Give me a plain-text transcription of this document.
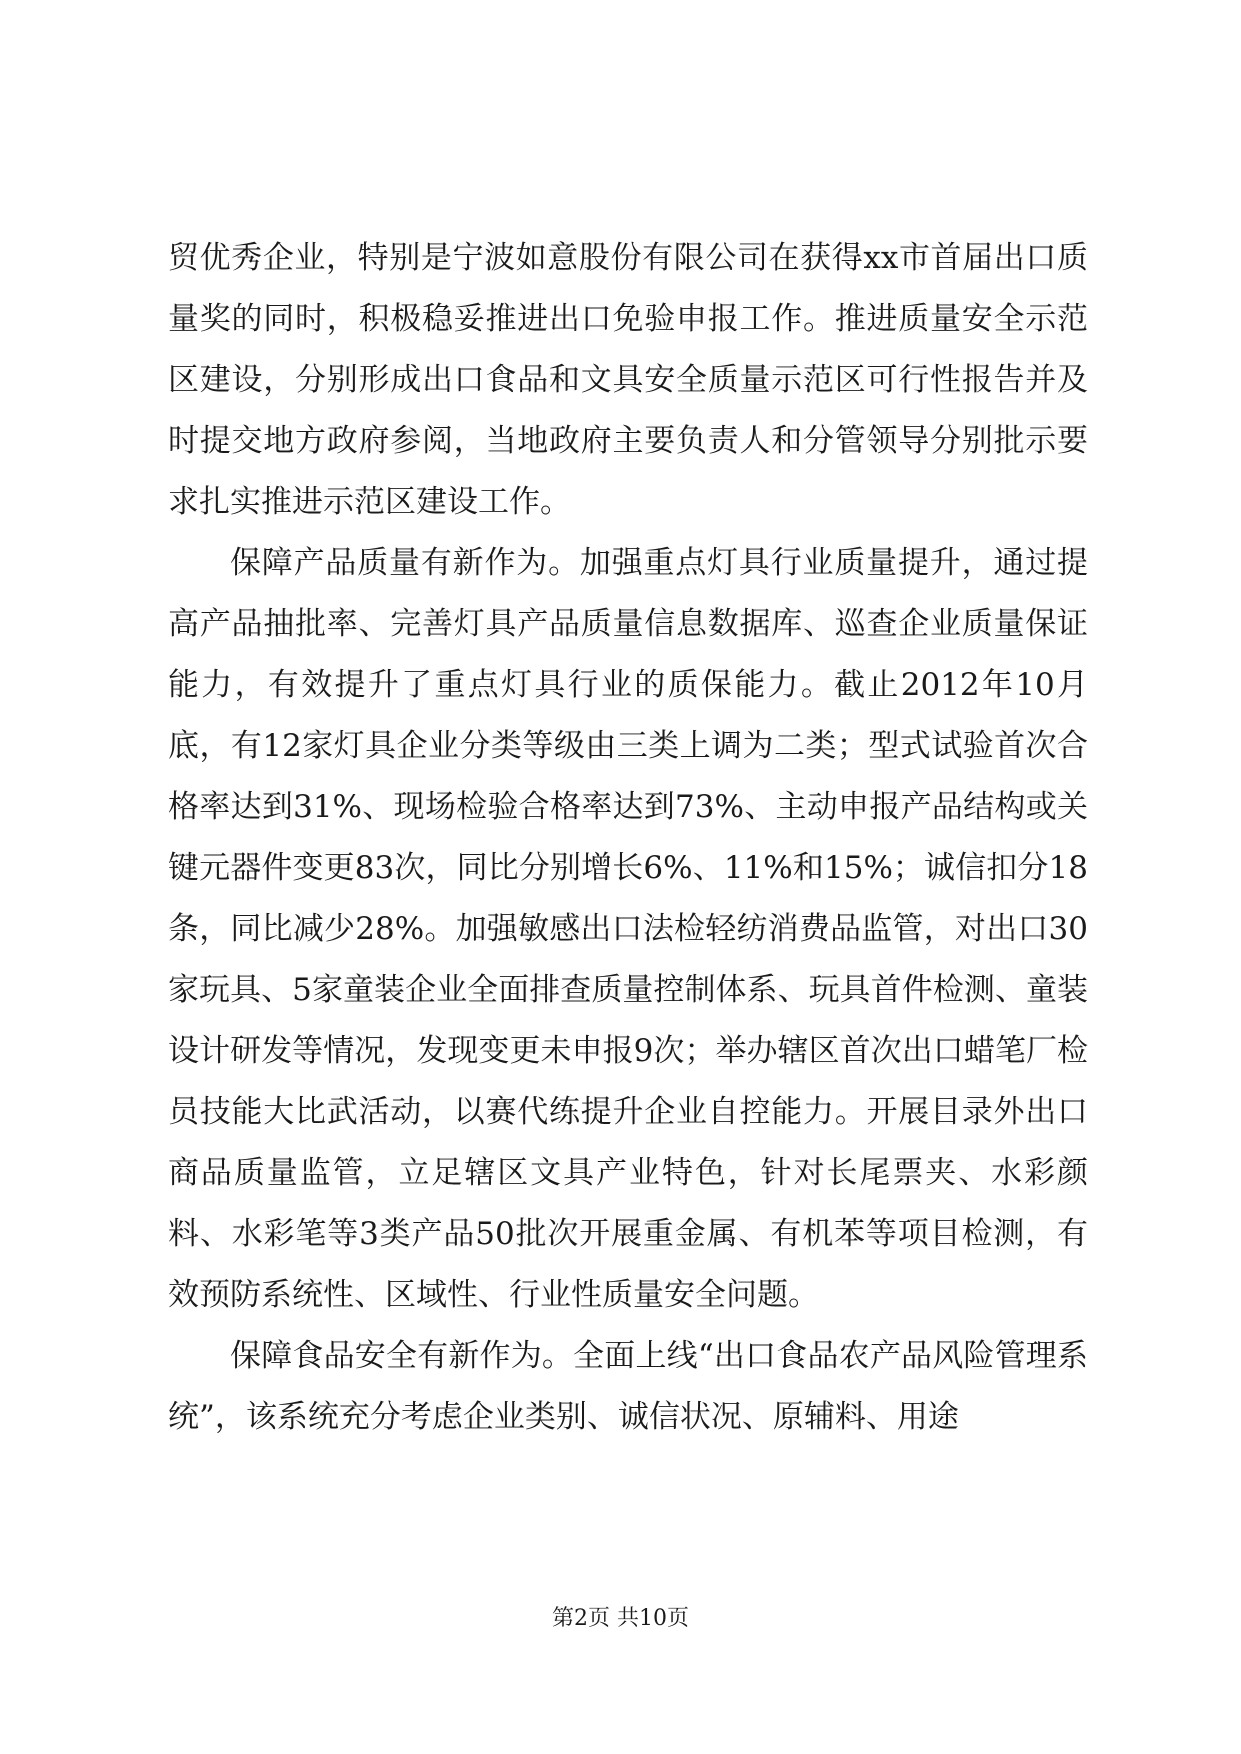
贸优秀企业，特别是宁波如意股份有限公司在获得xx市首届出口质量奖的同时，积极稳妥推进出口免验申报工作。推进质量安全示范区建设，分别形成出口食品和文具安全质量示范区可行性报告并及时提交地方政府参阅，当地政府主要负责人和分管领导分别批示要求扎实推进示范区建设工作。

保障产品质量有新作为。加强重点灯具行业质量提升，通过提高产品抽批率、完善灯具产品质量信息数据库、巡查企业质量保证能力，有效提升了重点灯具行业的质保能力。截止2012年10月底，有12家灯具企业分类等级由三类上调为二类；型式试验首次合格率达到31%、现场检验合格率达到73%、主动申报产品结构或关键元器件变更83次，同比分别增长6%、11%和15%；诚信扣分18条，同比减少28%。加强敏感出口法检轻纺消费品监管，对出口30家玩具、5家童装企业全面排查质量控制体系、玩具首件检测、童装设计研发等情况，发现变更未申报9次；举办辖区首次出口蜡笔厂检员技能大比武活动，以赛代练提升企业自控能力。开展目录外出口商品质量监管，立足辖区文具产业特色，针对长尾票夹、水彩颜料、水彩笔等3类产品50批次开展重金属、有机苯等项目检测，有效预防系统性、区域性、行业性质量安全问题。

保障食品安全有新作为。全面上线“出口食品农产品风险管理系统”，该系统充分考虑企业类别、诚信状况、原辅料、用途

第2页 共10页
